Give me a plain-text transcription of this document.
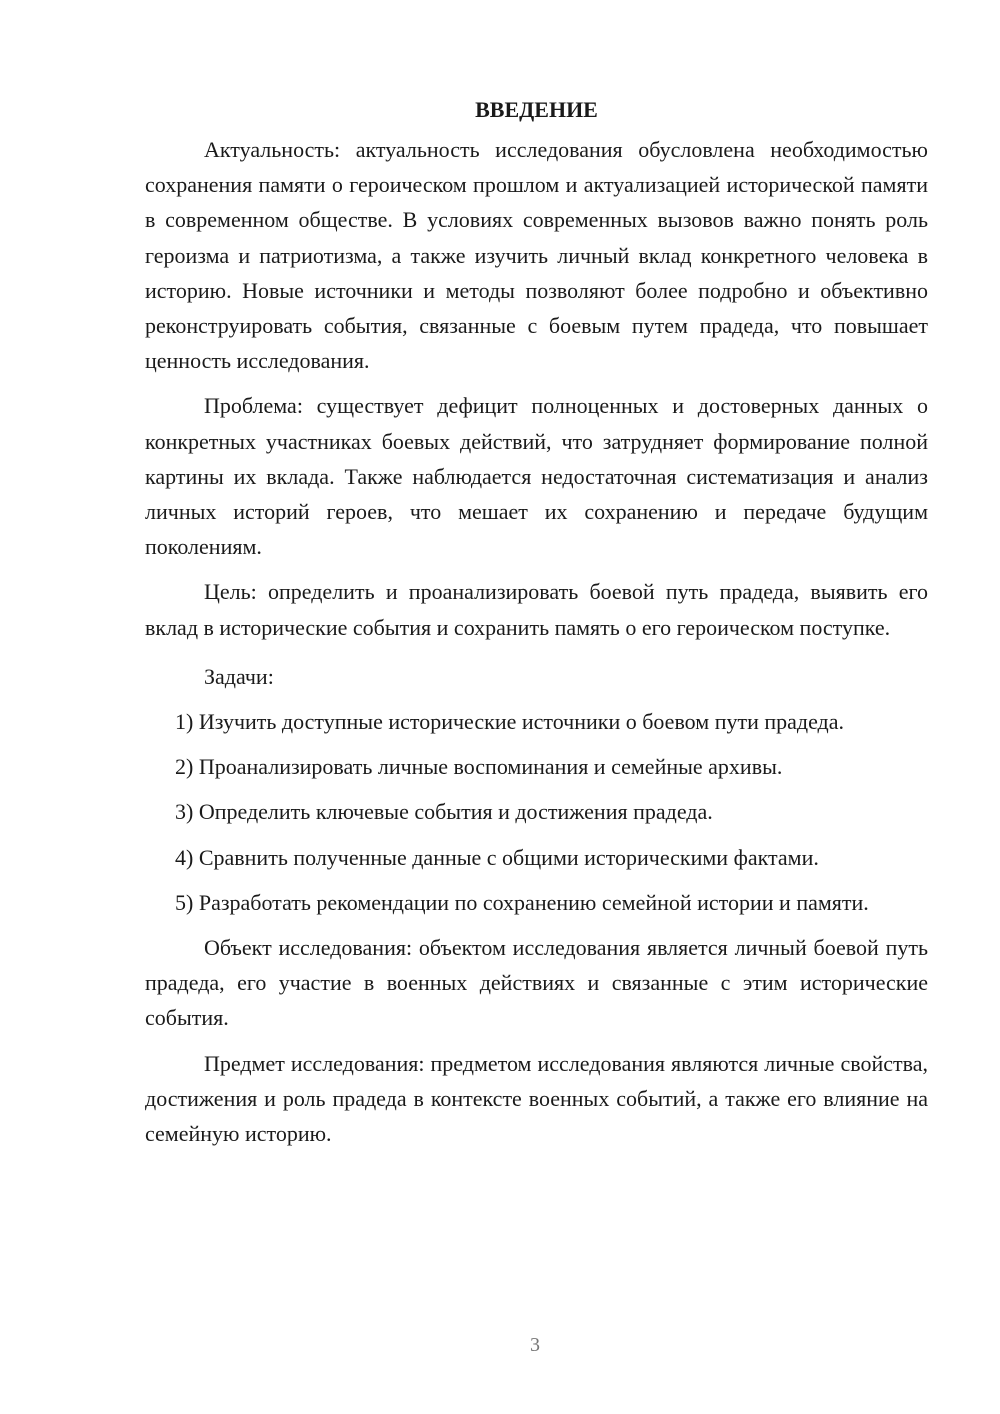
ВВЕДЕНИЕ

Актуальность: актуальность исследования обусловлена необходимостью сохранения памяти о героическом прошлом и актуализацией исторической памяти в современном обществе. В условиях современных вызовов важно понять роль героизма и патриотизма, а также изучить личный вклад конкретного человека в историю. Новые источники и методы позволяют более подробно и объективно реконструировать события, связанные с боевым путем прадеда, что повышает ценность исследования.

Проблема: существует дефицит полноценных и достоверных данных о конкретных участниках боевых действий, что затрудняет формирование полной картины их вклада. Также наблюдается недостаточная систематизация и анализ личных историй героев, что мешает их сохранению и передаче будущим поколениям.

Цель: определить и проанализировать боевой путь прадеда, выявить его вклад в исторические события и сохранить память о его героическом поступке.

Задачи:

1) Изучить доступные исторические источники о боевом пути прадеда.
2) Проанализировать личные воспоминания и семейные архивы.
3) Определить ключевые события и достижения прадеда.
4) Сравнить полученные данные с общими историческими фактами.
5) Разработать рекомендации по сохранению семейной истории и памяти.

Объект исследования: объектом исследования является личный боевой путь прадеда, его участие в военных действиях и связанные с этим исторические события.

Предмет исследования: предметом исследования являются личные свойства, достижения и роль прадеда в контексте военных событий, а также его влияние на семейную историю.

3
